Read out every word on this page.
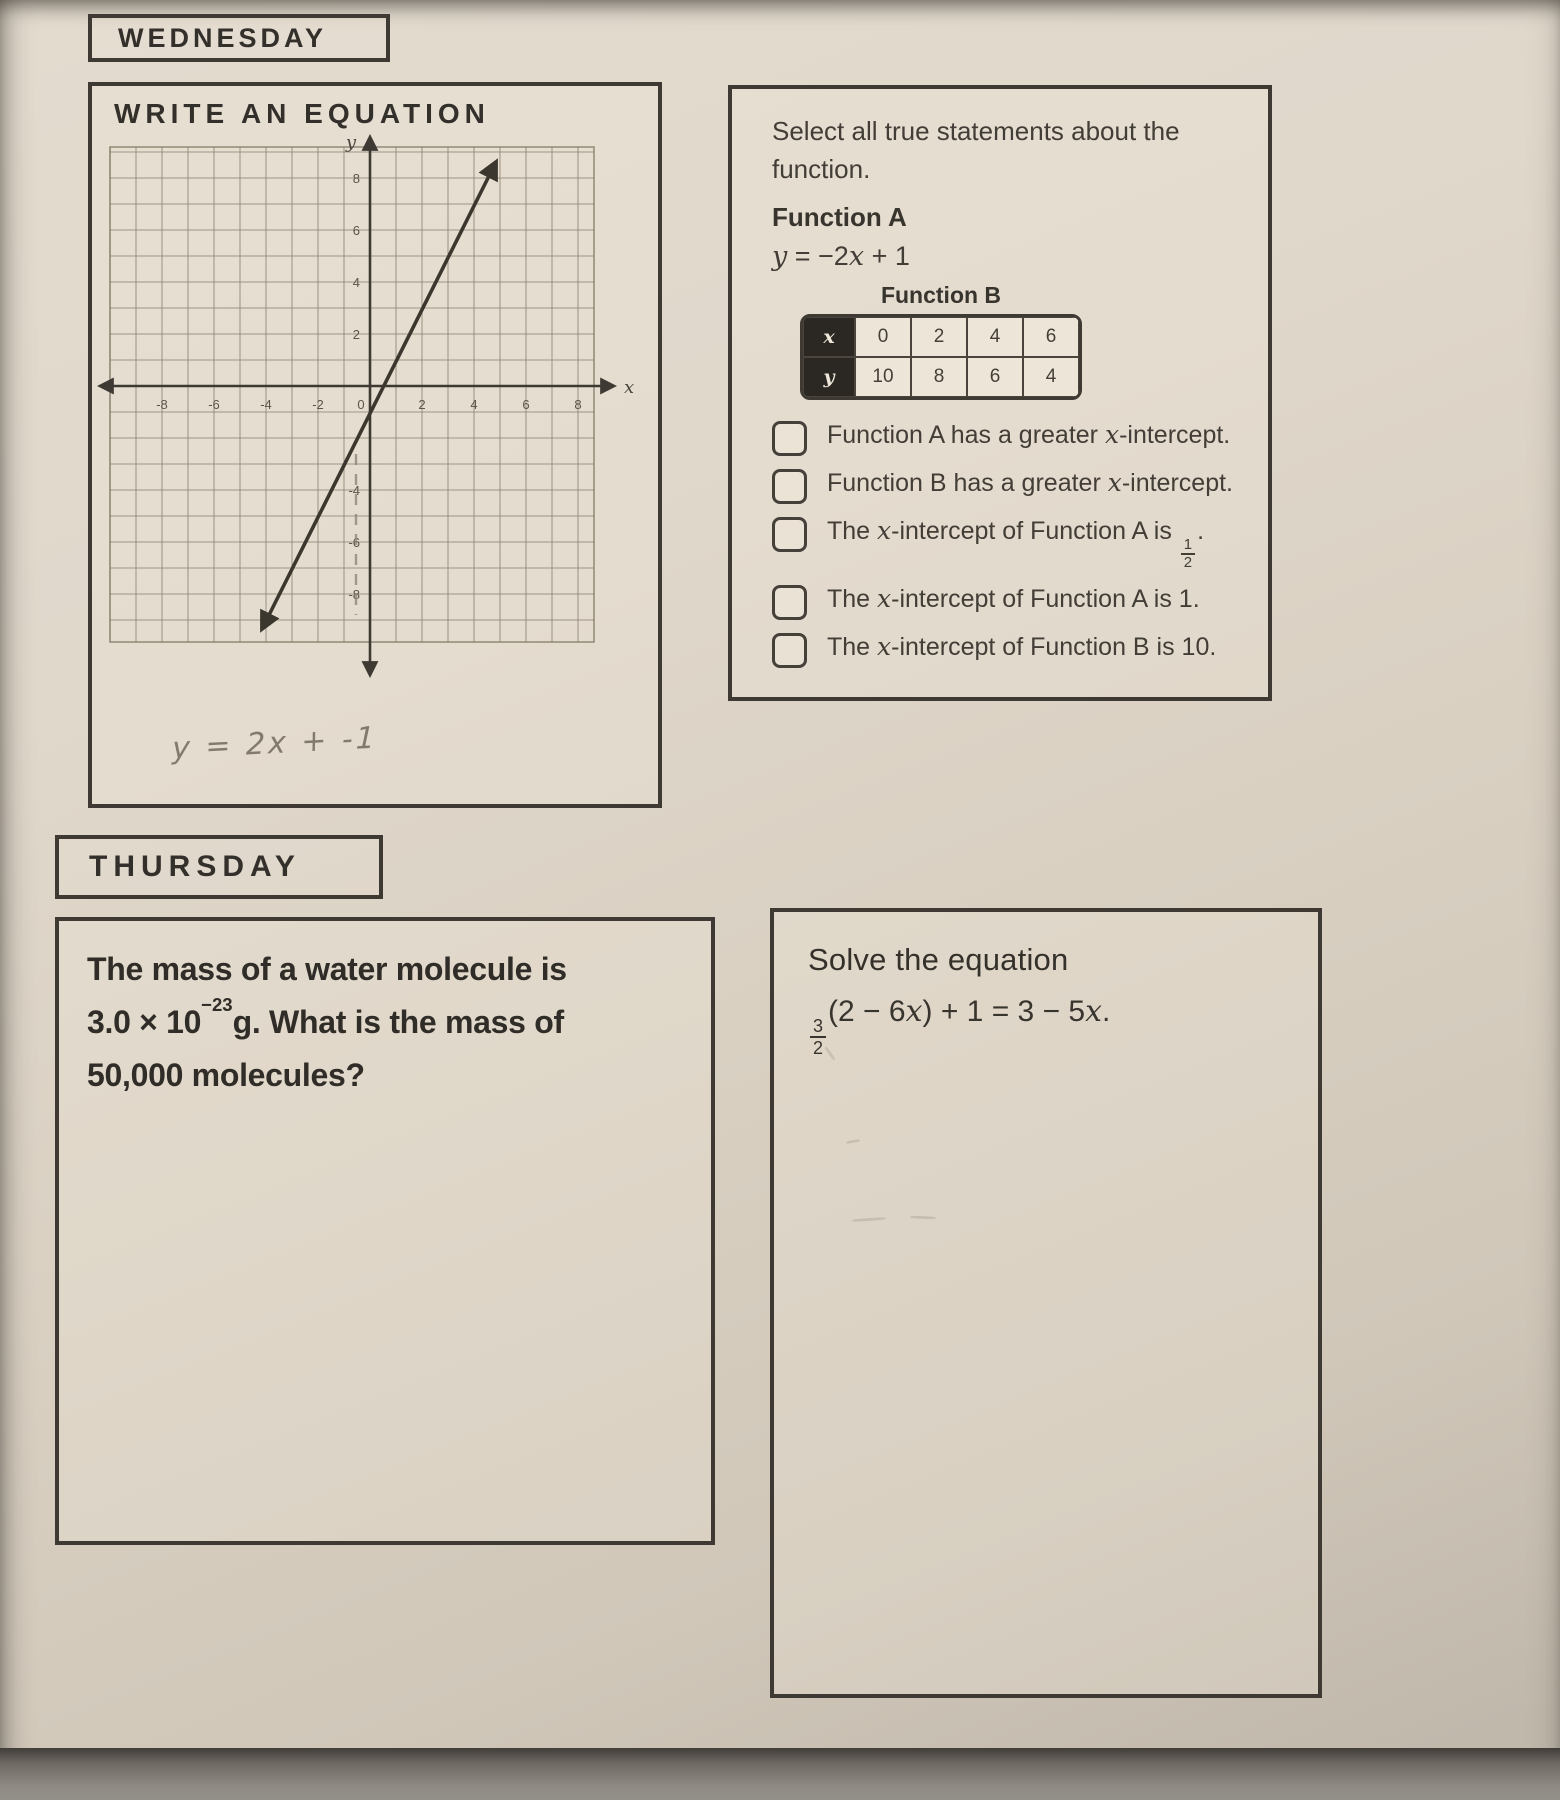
WEDNESDAY
WRITE AN EQUATION
-8	-6	-4	-2	0	2	4	6	8
8
6
4
2
-4
-6
-8
x
y
y = 2x + -1
Select all true statements about the function.
Function A
y = −2x + 1
Function B
x	0	2	4	6
y	10	8	6	4
Function A has a greater x-intercept.
Function B has a greater x-intercept.
The x-intercept of Function A is
$\frac{1}{2}$
.
The x-intercept of Function A is 1.
The x-intercept of Function B is 10.
THURSDAY
The mass of a water molecule is
$3.0 \times 10^{-23}g$. What is the mass of
50,000 molecules?
Solve the equation
$\frac{3}{2}$
(2 − 6x) + 1 = 3 − 5x.
